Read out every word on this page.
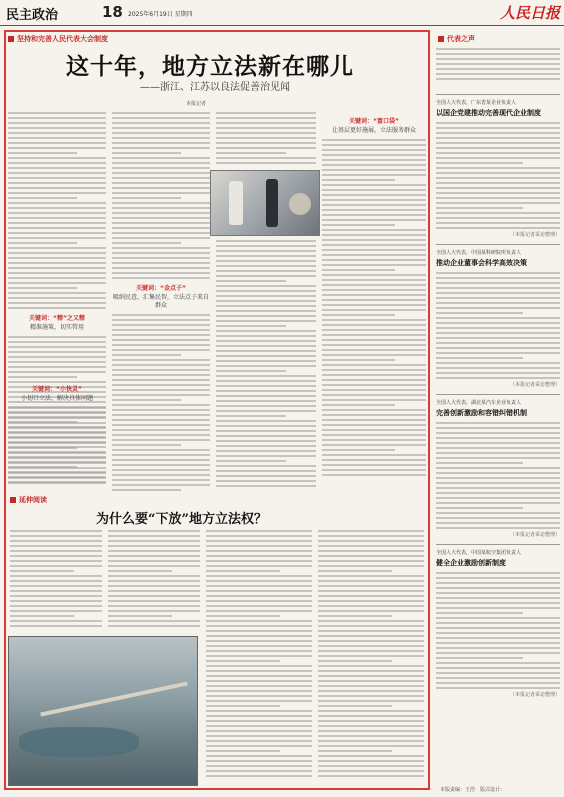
民主政治	18 2025年6月19日 星期四	人民日报
坚持和完善人民代表大会制度
这十年，地方立法新在哪儿
——浙江、江苏以良法促善治见闻
本报记者
关键词：“精”之又精
精准施策，切实管用
关键词：“金点子”
吸纳民意，汇集民智，立法点子来自群众
关键词：“富口袋”
让基层更好施展，立法服务群众
关键词：“小快灵”
小切口立法，解决具体问题
延伸阅读
为什么要“下放”地方立法权？
代表之声
全国人大代表，广东省某企业负责人
以国企党建推动完善现代企业制度
（本报记者采访整理）
全国人大代表，中国某科研院所负责人
推动企业董事会科学高效决策
（本报记者采访整理）
全国人大代表，湖北某汽车企业负责人
完善创新激励和容错纠错机制
（本报记者采访整理）
全国人大代表，中国某航空集团负责人
健全企业激励创新制度
（本报记者采访整理）
本版责编：王浩　版式设计：
